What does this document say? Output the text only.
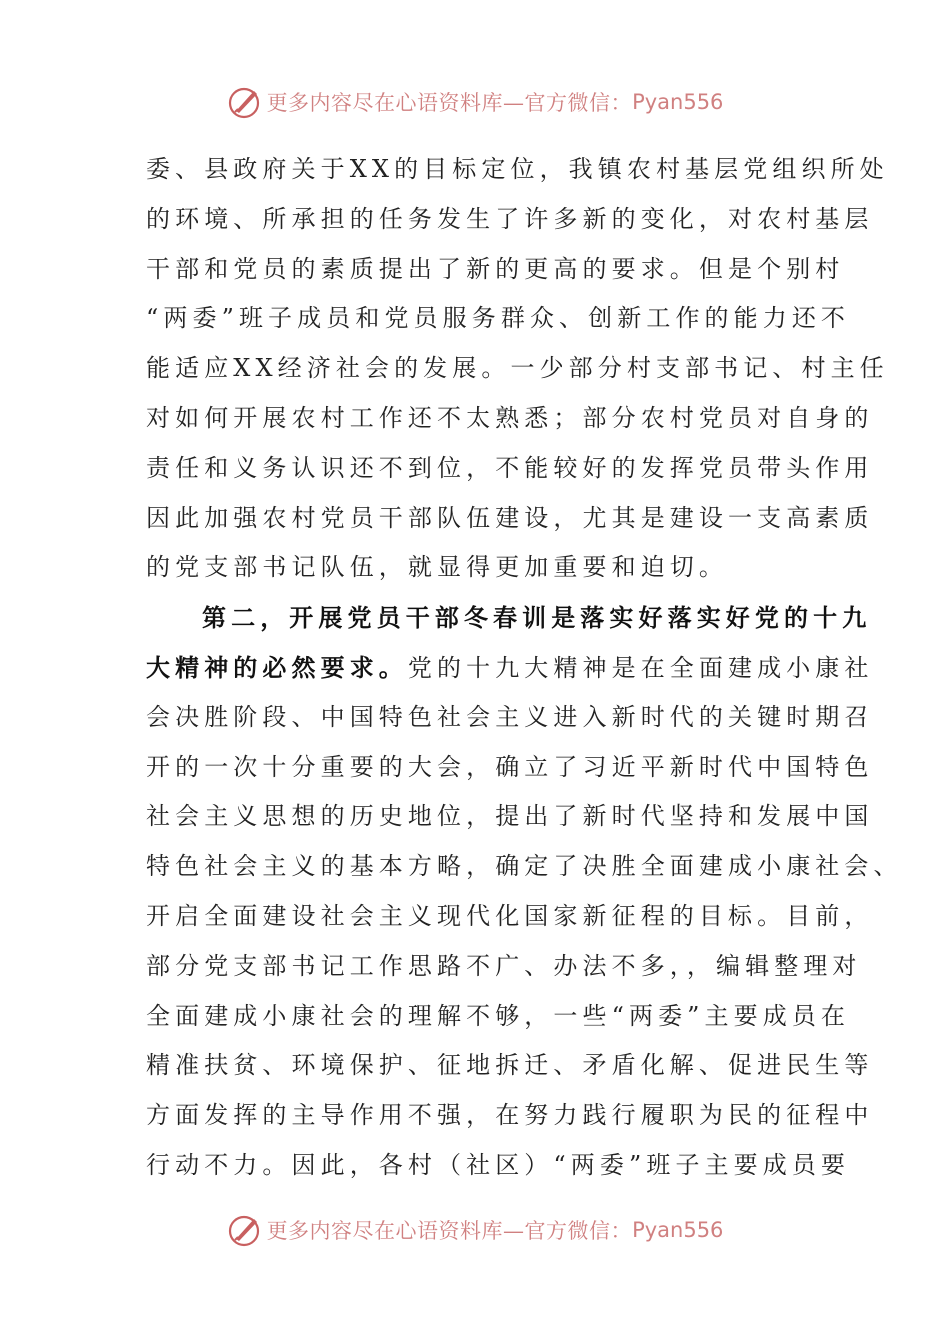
更多内容尽在心语资料库—官方微信： Pyan556
委、县政府关于XX的目标定位，我镇农村基层党组织所处
的环境、所承担的任务发生了许多新的变化，对农村基层
干部和党员的素质提出了新的更高的要求。但是个别村
“两委”班子成员和党员服务群众、创新工作的能力还不
能适应XX经济社会的发展。一少部分村支部书记、村主任
对如何开展农村工作还不太熟悉；部分农村党员对自身的
责任和义务认识还不到位，不能较好的发挥党员带头作用
因此加强农村党员干部队伍建设，尤其是建设一支高素质
的党支部书记队伍，就显得更加重要和迫切。
第二，开展党员干部冬春训是落实好落实好党的十九
大精神的必然要求。党的十九大精神是在全面建成小康社
会决胜阶段、中国特色社会主义进入新时代的关键时期召
开的一次十分重要的大会，确立了习近平新时代中国特色
社会主义思想的历史地位，提出了新时代坚持和发展中国
特色社会主义的基本方略，确定了决胜全面建成小康社会、
开启全面建设社会主义现代化国家新征程的目标。目前，
部分党支部书记工作思路不广、办法不多，，编辑整理对
全面建成小康社会的理解不够，一些“两委”主要成员在
精准扶贫、环境保护、征地拆迁、矛盾化解、促进民生等
方面发挥的主导作用不强，在努力践行履职为民的征程中
行动不力。因此，各村（社区）“两委”班子主要成员要
更多内容尽在心语资料库—官方微信： Pyan556
